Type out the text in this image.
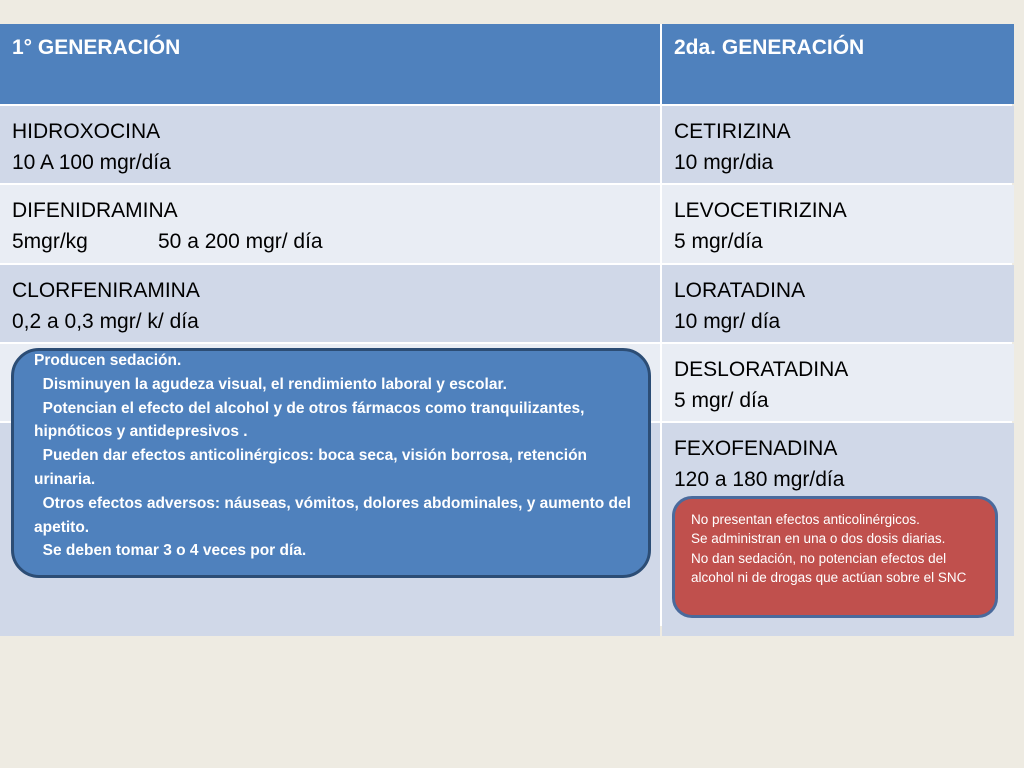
1° GENERACIÓN	2da. GENERACIÓN
HIDROXOCINA
10 A 100 mgr/día
CETIRIZINA
10 mgr/dia
DIFENIDRAMINA
5mgr/kg	50 a 200 mgr/ día
LEVOCETIRIZINA
5 mgr/día
CLORFENIRAMINA
0,2 a 0,3 mgr/ k/ día
LORATADINA
10 mgr/ día
DESLORATADINA
5 mgr/ día
FEXOFENADINA
120 a 180 mgr/día

Producen sedación.

Disminuyen la agudeza visual, el rendimiento laboral y escolar.

Potencian el efecto del alcohol y de otros fármacos como tranquilizantes, hipnóticos y antidepresivos .

Pueden dar efectos anticolinérgicos: boca seca, visión borrosa, retención urinaria.

Otros efectos adversos: náuseas, vómitos, dolores abdominales, y aumento del apetito.

Se deben tomar 3 o 4 veces por día.

No presentan efectos anticolinérgicos.

Se administran en una o dos dosis diarias.

No dan sedación, no potencian efectos del alcohol ni de drogas que actúan sobre el SNC
